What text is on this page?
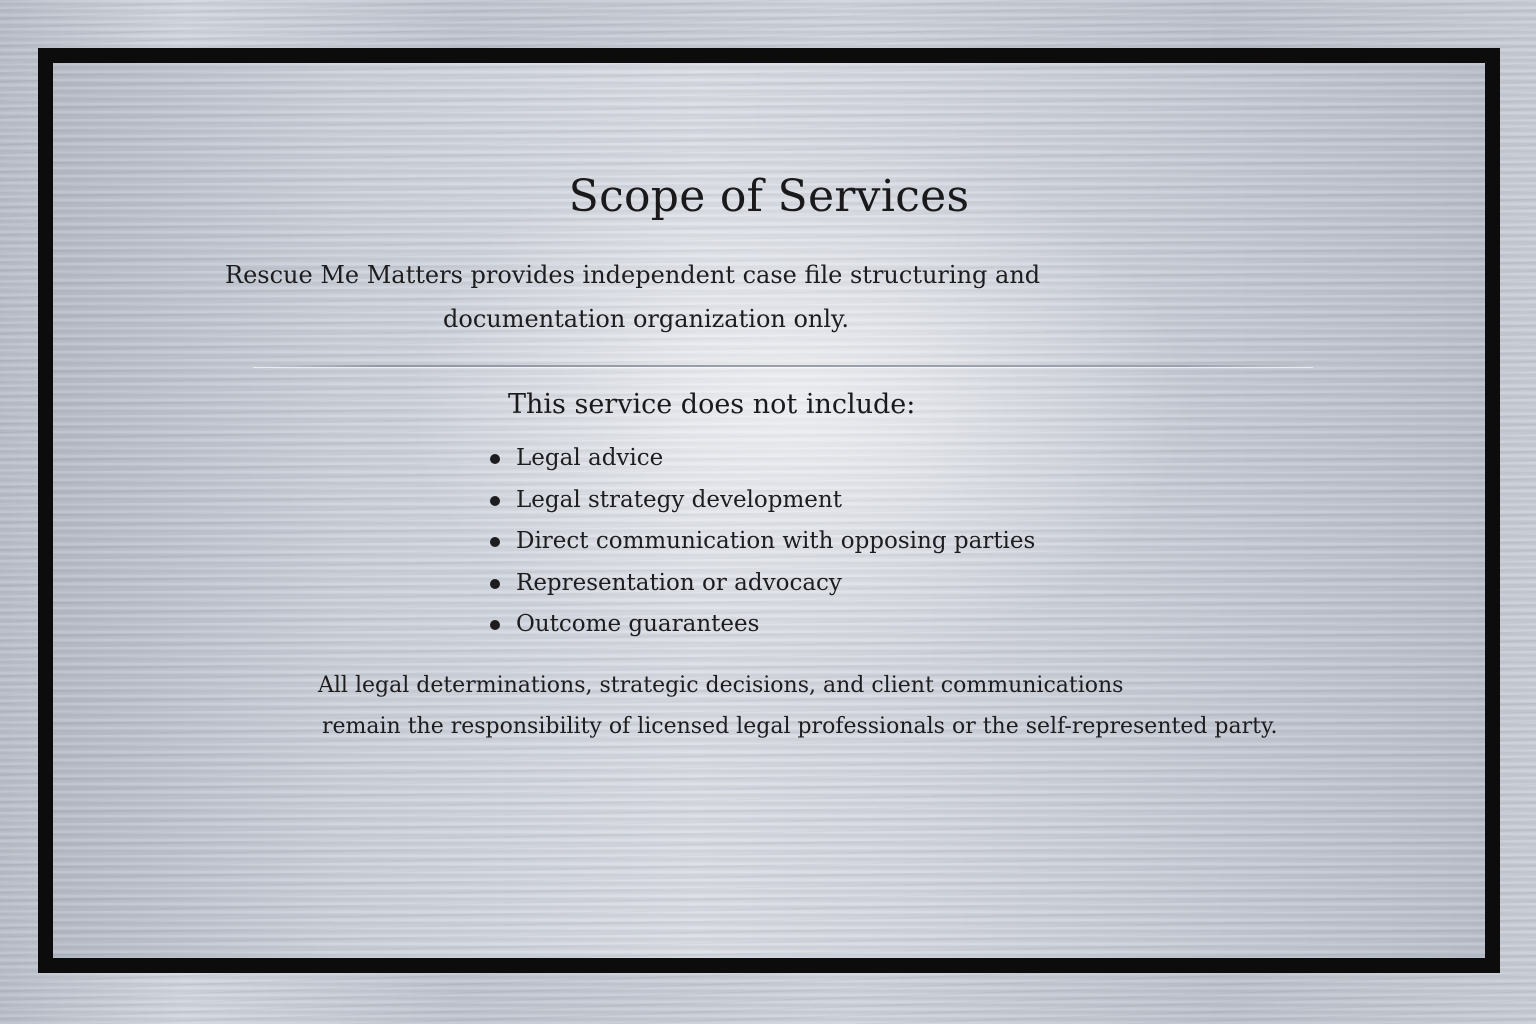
Scope of Services

Rescue Me Matters provides independent case file structuring and
documentation organization only.

This service does not include:
Legal advice
Legal strategy development
Direct communication with opposing parties
Representation or advocacy
Outcome guarantees

All legal determinations, strategic decisions, and client communications
remain the responsibility of licensed legal professionals or the self-represented party.
